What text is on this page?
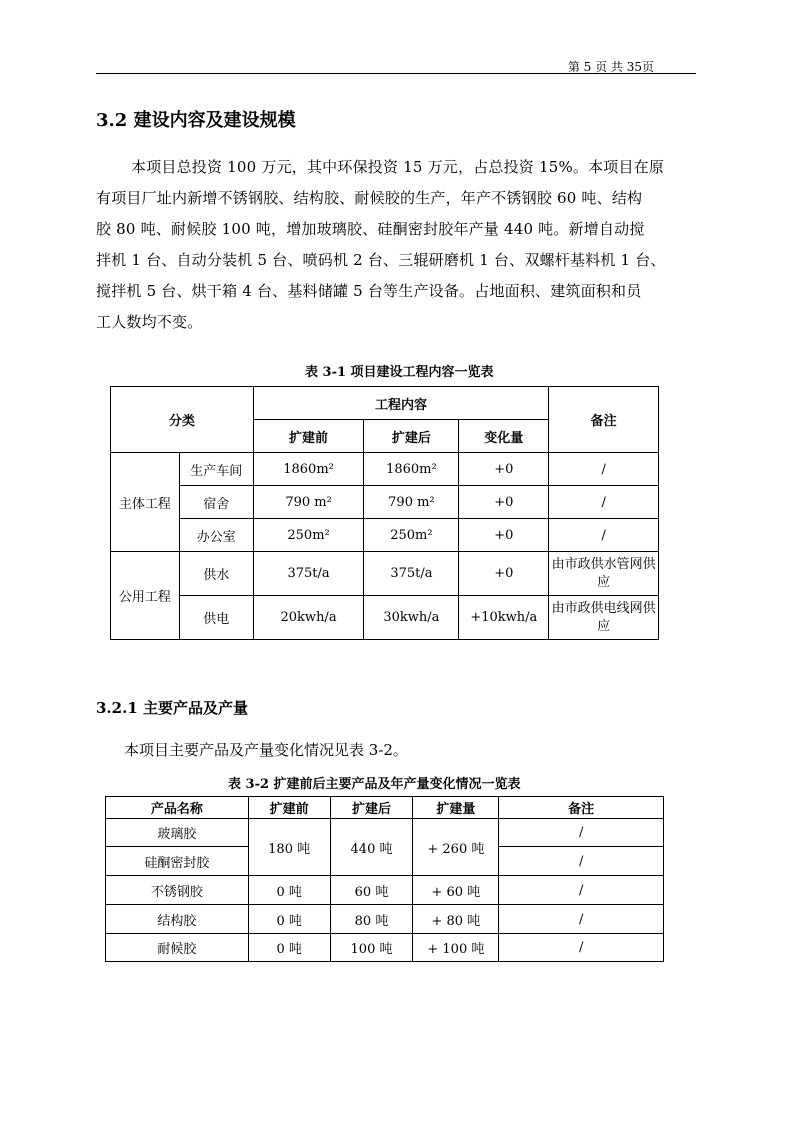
第 5 页 共 35页
3.2 建设内容及建设规模
本项目总投资 100 万元，其中环保投资 15 万元，占总投资 15%。本项目在原
有项目厂址内新增不锈钢胶、结构胶、耐候胶的生产，年产不锈钢胶 60 吨、结构
胶 80 吨、耐候胶 100 吨，增加玻璃胶、硅酮密封胶年产量 440 吨。新增自动搅
拌机 1 台、自动分装机 5 台、喷码机 2 台、三辊研磨机 1 台、双螺杆基料机 1 台、
搅拌机 5 台、烘干箱 4 台、基料储罐 5 台等生产设备。占地面积、建筑面积和员
工人数均不变。
表 3-1 项目建设工程内容一览表
分类		工程内容			备注
		扩建前	扩建后	变化量	
主体工程	生产车间	1860m²	1860m²	+0	/
	宿舍	790 m²	790 m²	+0	/
	办公室	250m²	250m²	+0	/
公用工程	供水	375t/a	375t/a	+0	由市政供水管网供应
	供电	20kwh/a	30kwh/a	+10kwh/a	由市政供电线网供应
3.2.1 主要产品及产量
本项目主要产品及产量变化情况见表 3-2。
表 3-2 扩建前后主要产品及年产量变化情况一览表
产品名称	扩建前	扩建后	扩建量	备注
玻璃胶	180 吨	440 吨	+ 260 吨	/
硅酮密封胶				/
不锈钢胶	0 吨	60 吨	+ 60 吨	/
结构胶	0 吨	80 吨	+ 80 吨	/
耐候胶	0 吨	100 吨	+ 100 吨	/
